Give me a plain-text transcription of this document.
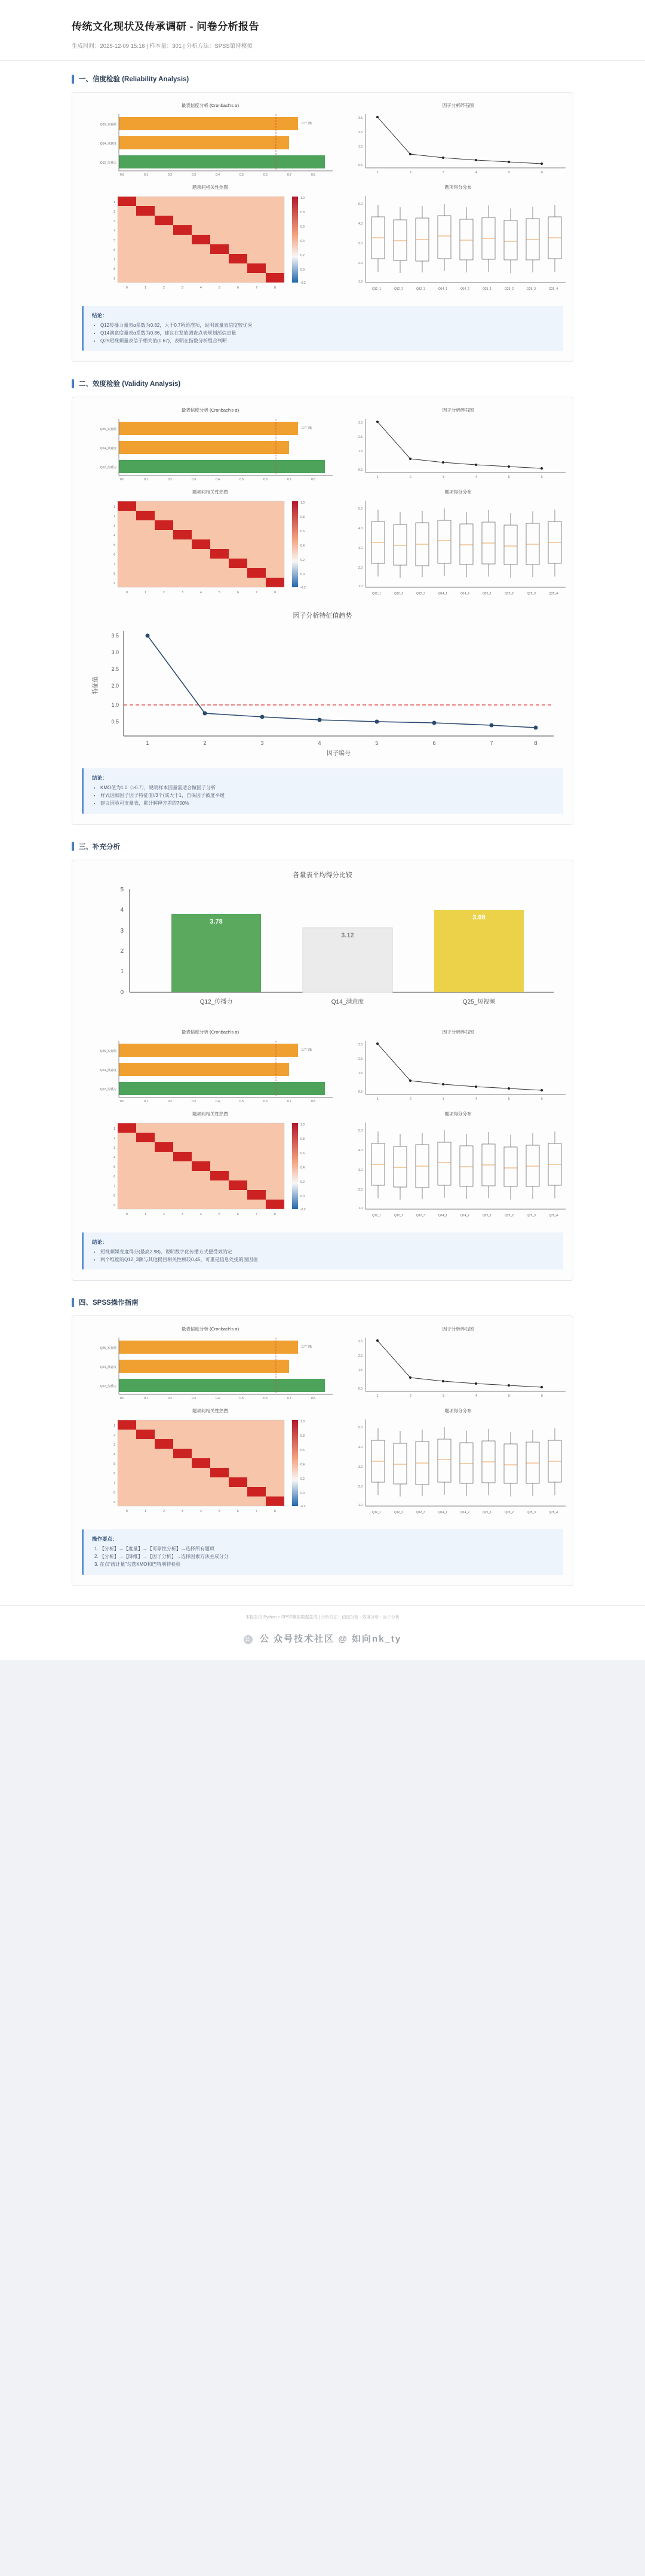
传统文化现状及传承调研 - 问卷分析报告
生成时间：2025-12-09 15:16 | 样本量：301 | 分析方法：SPSS第滑模拟
一、信度检验 (Reliability Analysis)
最表信度分析 (Cronbach's α)
Q25_短视频
Q14_满意度
Q12_传播力
0.7门槛
0.0	0.1	0.2	0.3	0.4	0.5	0.6	0.7	0.8
因子分析碎石图
3.5
2.5
1.5
0.5
1	2	3	4	5	6
题项间相关性热图
1
2
3
4
5
6
7
8
9
0	1	2	3	4	5	6	7	8
1.0
0.8
0.6
0.4
0.2
0.0
-0.2
题项得分分布
5.0
4.0
3.0
2.0
1.0
Q12_1	Q12_2	Q12_3	Q14_1	Q14_2	Q25_1	Q25_2	Q25_3	Q25_4
结论：
• Q12传播力量表α系数为0.82，大于0.7所给准项，说明该量表信度较优秀
• Q14满意度量表α系数为0.86，建议在发放调查点表规划部信息量
• Q25短视频量表信子相关值(0.67)，表明在指数分析组合判断
二、效度检验 (Validity Analysis)
最表信度分析 (Cronbach's α)
Q25_短视频
Q14_满意度
Q12_传播力
0.7门槛
0.0	0.1	0.2	0.3	0.4	0.5	0.6	0.7	0.8
因子分析碎石图
3.5
2.5
1.5
0.5
1	2	3	4	5	6
题项间相关性热图
1
2
3
4
5
6
7
8
9
0	1	2	3	4	5	6	7	8
1.0
0.8
0.6
0.4
0.2
0.0
-0.2
题项得分分布
5.0
4.0
3.0
2.0
1.0
Q12_1	Q12_2	Q12_3	Q14_1	Q14_2	Q25_1	Q25_2	Q25_3	Q25_4
因子分析特征值趋势
3.5
3.0
2.5
2.0
1.0
0.5
1	2	3	4	5	6	7	8
因子编号
特征值
结论：
• KMO值为1.0（>0.7），说明样本因量需适合做因子分析
• 样式因加因子因子特征值//3个(成大于1，自保因子被度平缓
• 建议因验可支量表，累计解释方差的700%
三、补充分析
各量表平均得分比较
3.78
3.12
3.98
5
4
3
2
1
0
Q12_传播力	Q14_满意度	Q25_短视频
最表信度分析 (Cronbach's α)
Q25_短视频
Q14_满意度
Q12_传播力
0.7门槛
0.0	0.1	0.2	0.3	0.4	0.5	0.6	0.7	0.8
因子分析碎石图
3.5
2.5
1.5
0.5
1	2	3	4	5	6
题项间相关性热图
1
2
3
4
5
6
7
8
9
0	1	2	3	4	5	6	7	8
1.0
0.8
0.6
0.4
0.2
0.0
-0.2
题项得分分布
5.0
4.0
3.0
2.0
1.0
Q12_1	Q12_2	Q12_3	Q14_1	Q14_2	Q25_1	Q25_2	Q25_3	Q25_4
结论：
• 短视频媒变度得分(最高2.98)，说明数字化传播方式便受效的定
• 两个维度的Q12_3额与其他提目相关性相较0.45，可重是信息处提的原因值
四、SPSS操作指南
最表信度分析 (Cronbach's α)
Q25_短视频
Q14_满意度
Q12_传播力
0.7门槛
0.0	0.1	0.2	0.3	0.4	0.5	0.6	0.7	0.8
因子分析碎石图
3.5
2.5
1.5
0.5
1	2	3	4	5	6
题项间相关性热图
1
2
3
4
5
6
7
8
9
0	1	2	3	4	5	6	7	8
1.0
0.8
0.6
0.4
0.2
0.0
-0.2
题项得分分布
5.0
4.0
3.0
2.0
1.0
Q12_1	Q12_2	Q12_3	Q14_1	Q14_2	Q25_1	Q25_2	Q25_3	Q25_4
操作要点：
1. 【分析】→【度量】→【可靠性分析】→选择所有题项
2. 【分析】→【降维】→【因子分析】→选择因素方法主成分分
3. 在点“统计量”勾选KMO和巴特利特检验
本报告由 Python + SPSS模拟数据生成 | 分析方法：信度分析 · 效度分析 · 因子分析
公 公 众号技术社区 @ 如向nk_ty
